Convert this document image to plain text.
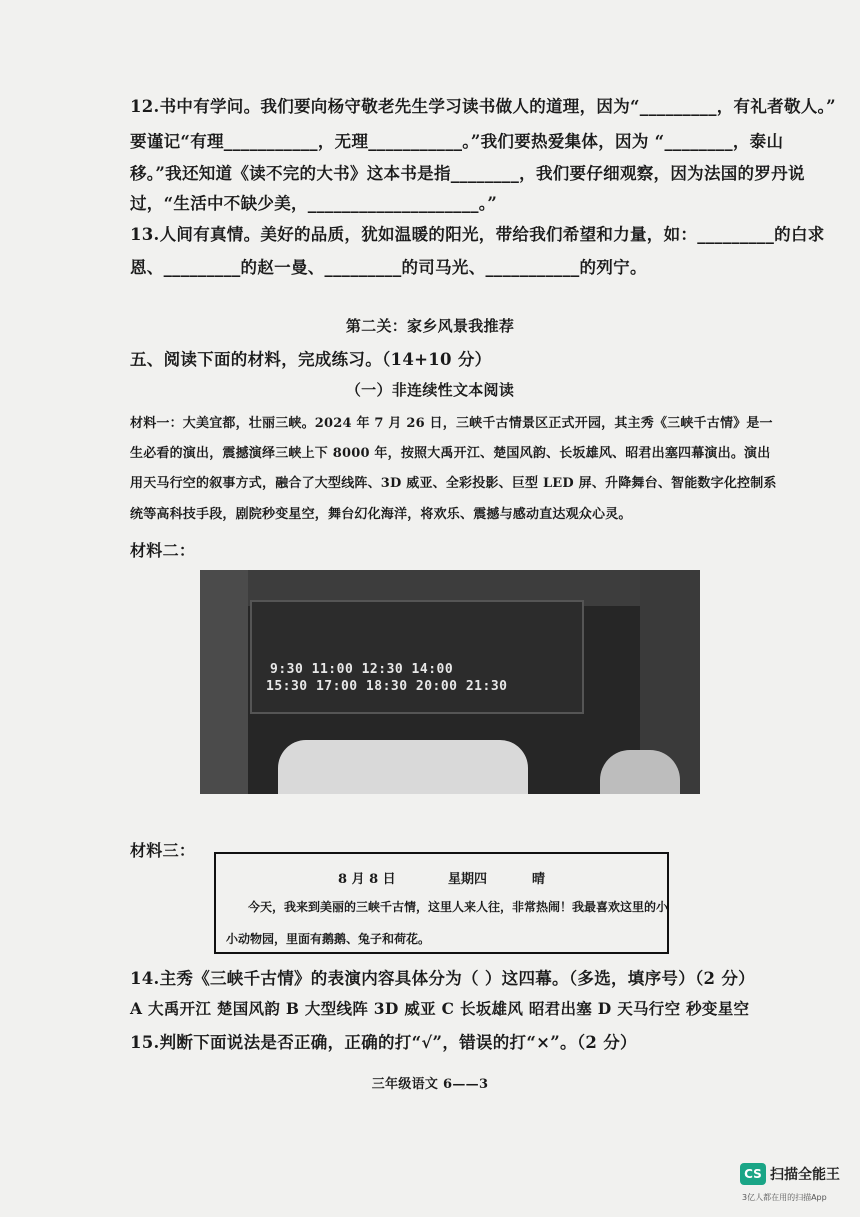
12.书中有学问。我们要向杨守敬老先生学习读书做人的道理，因为“_________，有礼者敬人。”
要谨记“有理___________，无理___________。”我们要热爱集体，因为 “________，泰山
移。”我还知道《读不完的大书》这本书是指________，我们要仔细观察，因为法国的罗丹说
过，“生活中不缺少美，____________________。”
13.人间有真情。美好的品质，犹如温暖的阳光，带给我们希望和力量，如：_________的白求
恩、_________的赵一曼、_________的司马光、___________的列宁。
第二关：家乡风景我推荐
五、阅读下面的材料，完成练习。（14+10 分）
（一）非连续性文本阅读
材料一：大美宜都，壮丽三峡。2024 年 7 月 26 日，三峡千古情景区正式开园，其主秀《三峡千古情》是一
生必看的演出，震撼演绎三峡上下 8000 年，按照大禹开江、楚国风韵、长坂雄风、昭君出塞四幕演出。演出
用天马行空的叙事方式，融合了大型线阵、3D 威亚、全彩投影、巨型 LED 屏、升降舞台、智能数字化控制系
统等高科技手段，剧院秒变星空，舞台幻化海洋，将欢乐、震撼与感动直达观众心灵。
材料二：
9:30 11:00 12:30 14:00
15:30 17:00 18:30 20:00 21:30
材料三：
8 月 8 日	星期四	晴
今天，我来到美丽的三峡千古情，这里人来人往，非常热闹！我最喜欢这里的小
小动物园，里面有鹅鹅、兔子和荷花。
14.主秀《三峡千古情》的表演内容具体分为（ ）这四幕。（多选，填序号）（2 分）
A 大禹开江 楚国风韵 B 大型线阵 3D 威亚 C 长坂雄风 昭君出塞 D 天马行空 秒变星空
15.判断下面说法是否正确，正确的打“√”，错误的打“×”。（2 分）
三年级语文 6——3
CS 扫描全能王
3亿人都在用的扫描App
